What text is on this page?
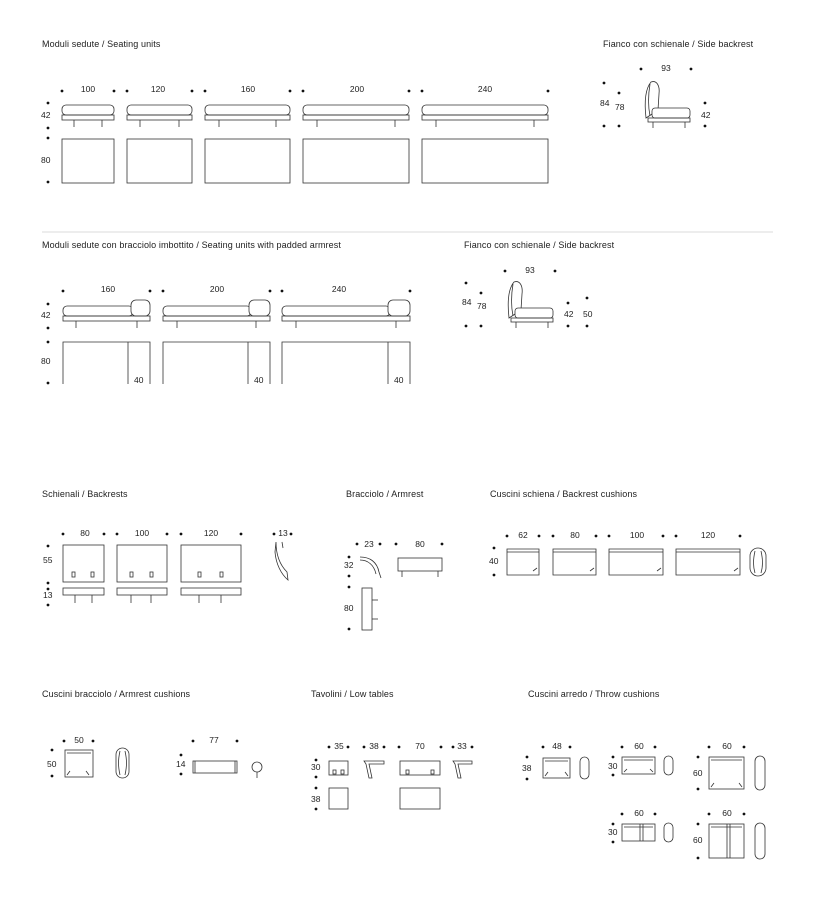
Moduli sedute / Seating units
100	120	160	200	240
42
80
Fianco con schienale / Side backrest
93
84 78
42
Moduli sedute con bracciolo imbottito / Seating units with padded armrest
160	200	240
42
80
40	40	40
Fianco con schienale / Side backrest
93
84 78
42 50
Schienali / Backrests
80	100	120	13
55
13
Bracciolo / Armrest
23	80
32
80
Cuscini schiena / Backrest cushions
62	80	100	120
40
Cuscini bracciolo / Armrest cushions
50
50
77
14
Tavolini / Low tables
35	38	70	33
30
38
Cuscini arredo / Throw cushions
48
38
60
30
60
60
60
30
60
60
